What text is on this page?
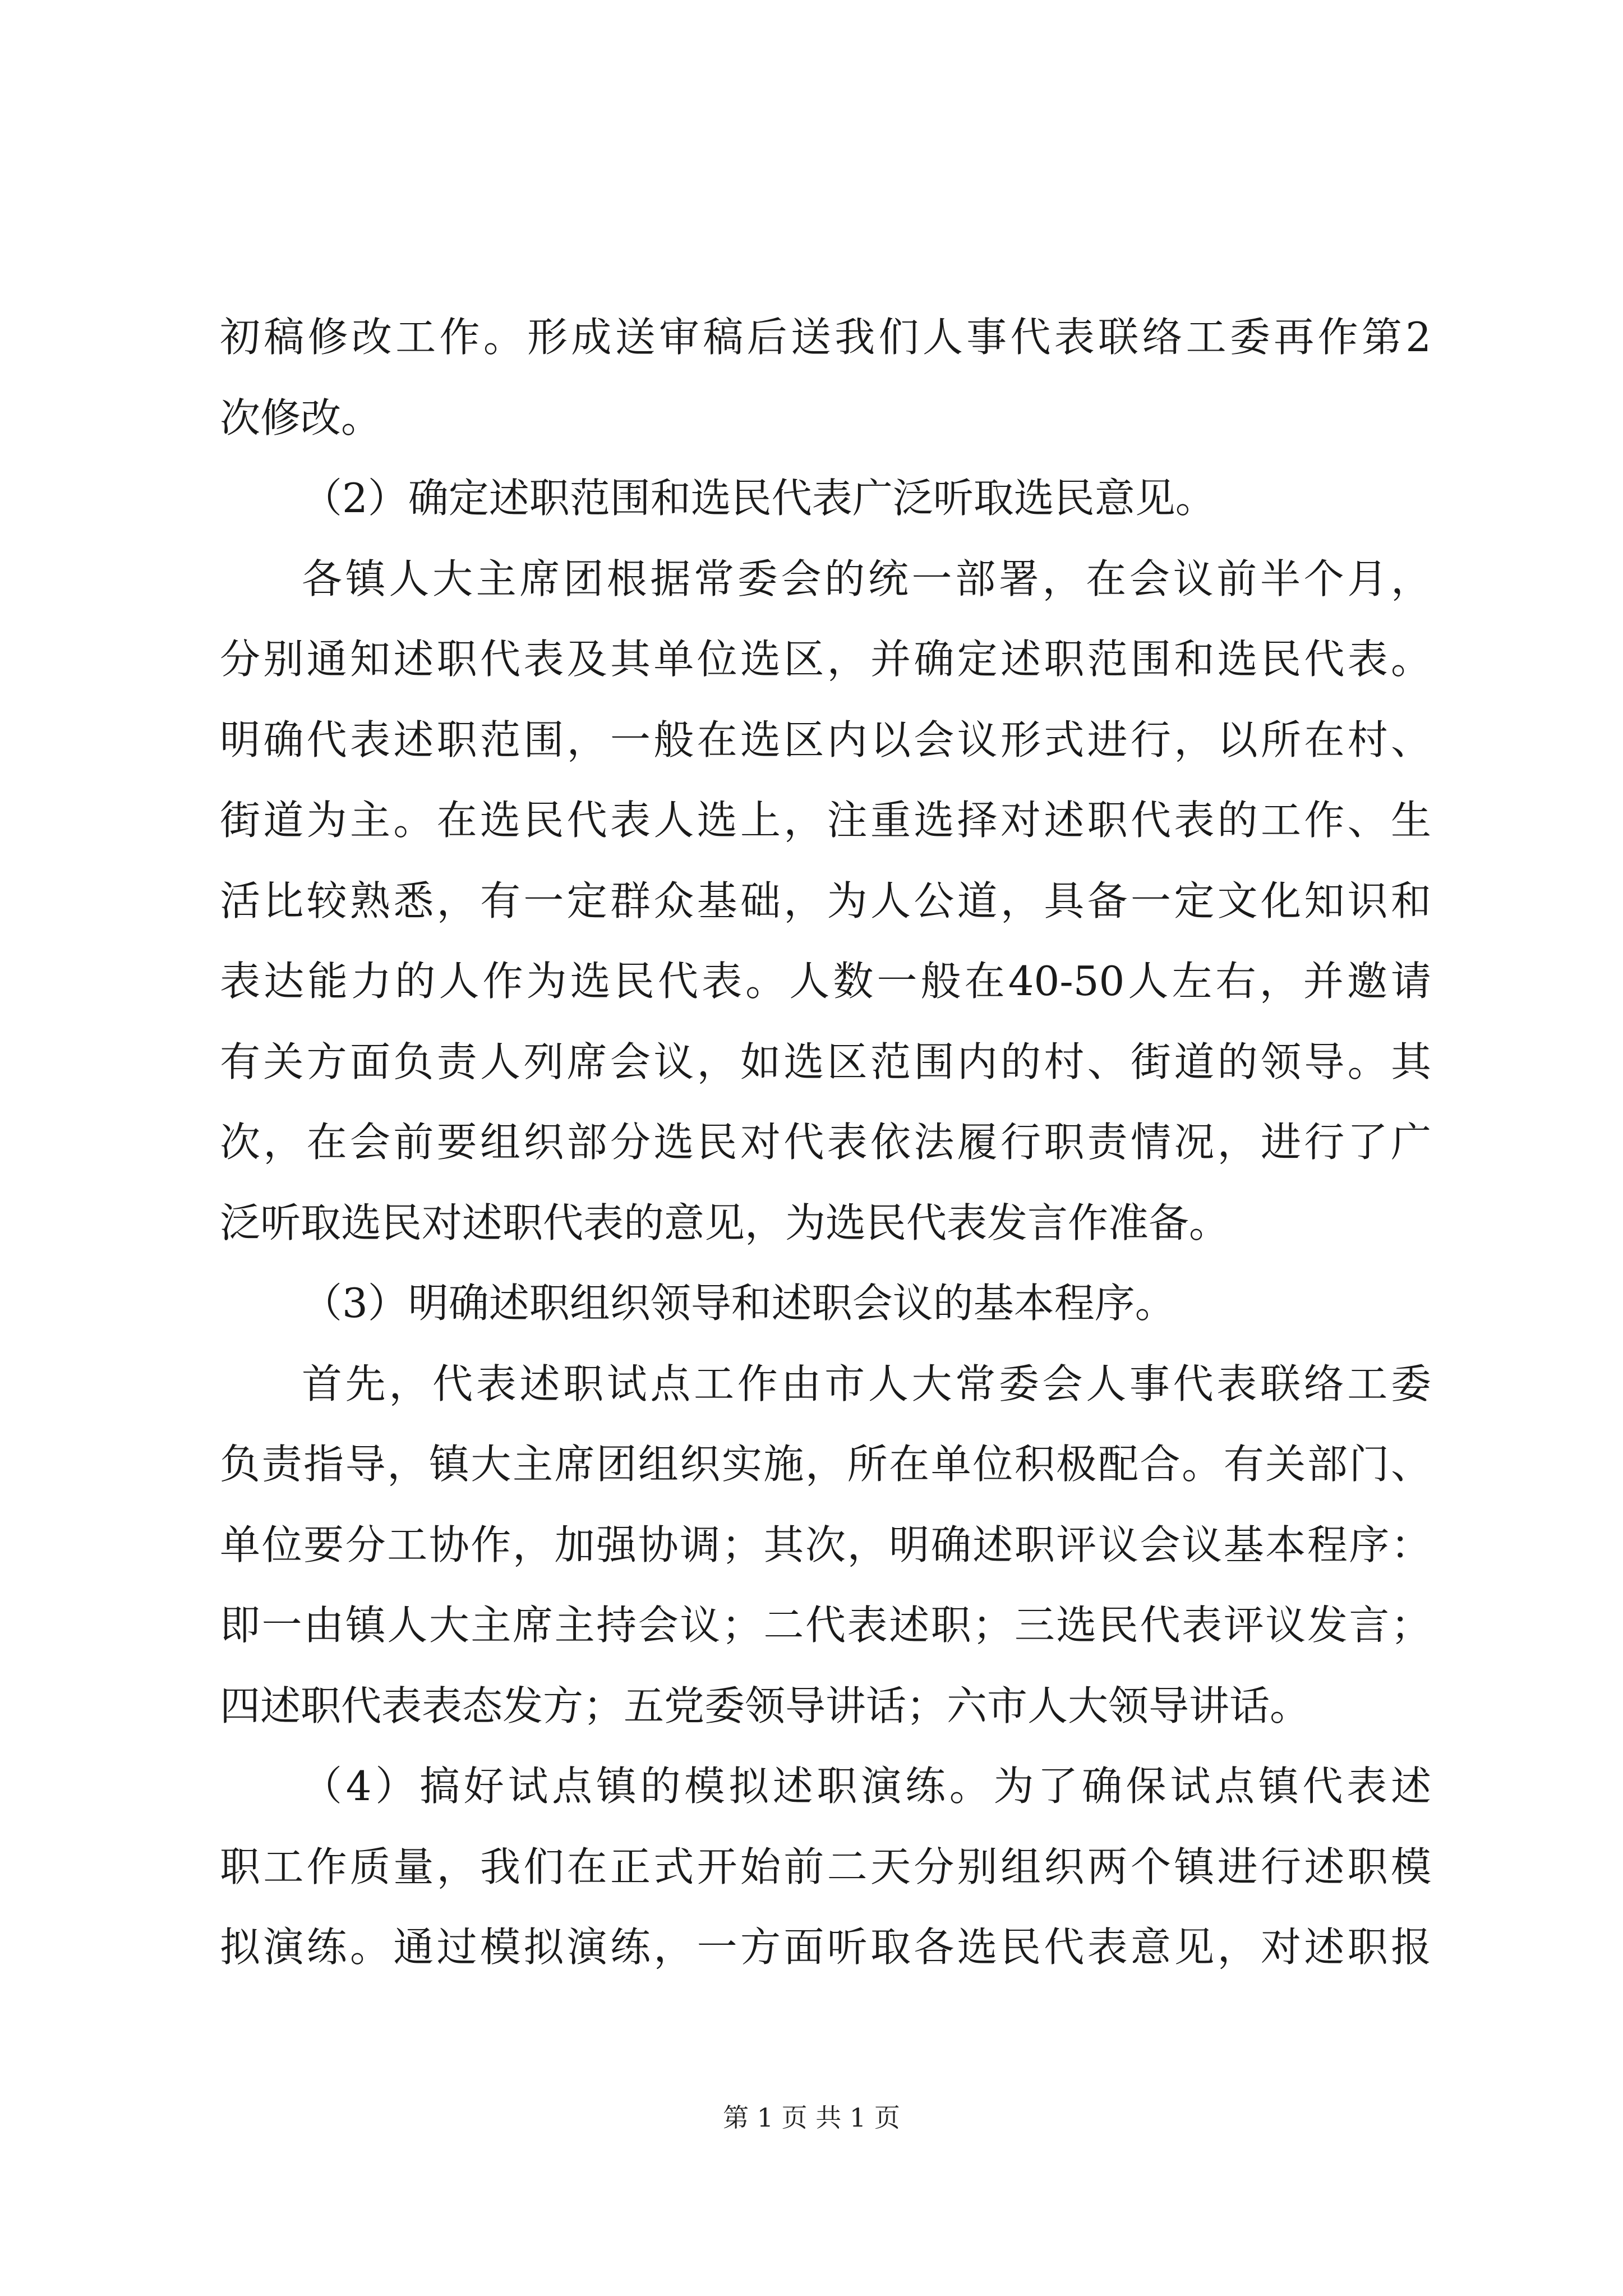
初稿修改工作。形成送审稿后送我们人事代表联络工委再作第2
次修改。
（2）确定述职范围和选民代表广泛听取选民意见。
各镇人大主席团根据常委会的统一部署，在会议前半个月，
分别通知述职代表及其单位选区，并确定述职范围和选民代表。
明确代表述职范围，一般在选区内以会议形式进行，以所在村、
街道为主。在选民代表人选上，注重选择对述职代表的工作、生
活比较熟悉，有一定群众基础，为人公道，具备一定文化知识和
表达能力的人作为选民代表。人数一般在40-50人左右，并邀请
有关方面负责人列席会议，如选区范围内的村、街道的领导。其
次，在会前要组织部分选民对代表依法履行职责情况，进行了广
泛听取选民对述职代表的意见，为选民代表发言作准备。
（3）明确述职组织领导和述职会议的基本程序。
首先，代表述职试点工作由市人大常委会人事代表联络工委
负责指导，镇大主席团组织实施，所在单位积极配合。有关部门、
单位要分工协作，加强协调；其次，明确述职评议会议基本程序：
即一由镇人大主席主持会议；二代表述职；三选民代表评议发言；
四述职代表表态发方；五党委领导讲话；六市人大领导讲话。
（4）搞好试点镇的模拟述职演练。为了确保试点镇代表述
职工作质量，我们在正式开始前二天分别组织两个镇进行述职模
拟演练。通过模拟演练，一方面听取各选民代表意见，对述职报
第 1 页 共 1 页
